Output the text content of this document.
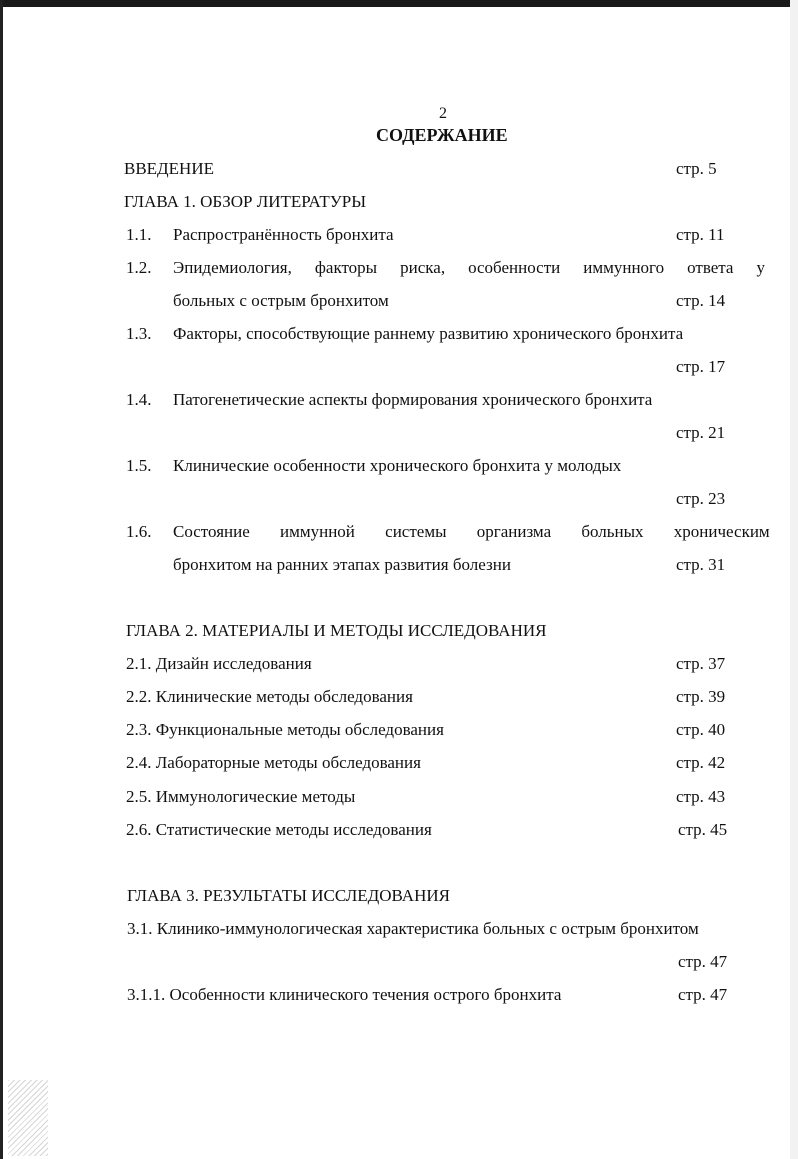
2
СОДЕРЖАНИЕ
ВВЕДЕНИЕ	стр. 5
ГЛАВА 1. ОБЗОР ЛИТЕРАТУРЫ
1.1. Распространённость бронхита	стр. 11
1.2. Эпидемиология, факторы риска, особенности иммунного ответа у
больных с острым бронхитом	стр. 14
1.3. Факторы, способствующие раннему развитию хронического бронхита
стр. 17
1.4. Патогенетические аспекты формирования хронического бронхита
стр. 21
1.5. Клинические особенности хронического бронхита у молодых
стр. 23
1.6. Состояние иммунной системы организма больных хроническим
бронхитом на ранних этапах развития болезни	стр. 31
ГЛАВА 2. МАТЕРИАЛЫ И МЕТОДЫ ИССЛЕДОВАНИЯ
2.1. Дизайн исследования	стр. 37
2.2. Клинические методы обследования	стр. 39
2.3. Функциональные методы обследования	стр. 40
2.4. Лабораторные методы обследования	стр. 42
2.5. Иммунологические методы	стр. 43
2.6. Статистические методы исследования	стр. 45
ГЛАВА 3. РЕЗУЛЬТАТЫ ИССЛЕДОВАНИЯ
3.1. Клинико-иммунологическая характеристика больных с острым бронхитом
стр. 47
3.1.1. Особенности клинического течения острого бронхита	стр. 47
